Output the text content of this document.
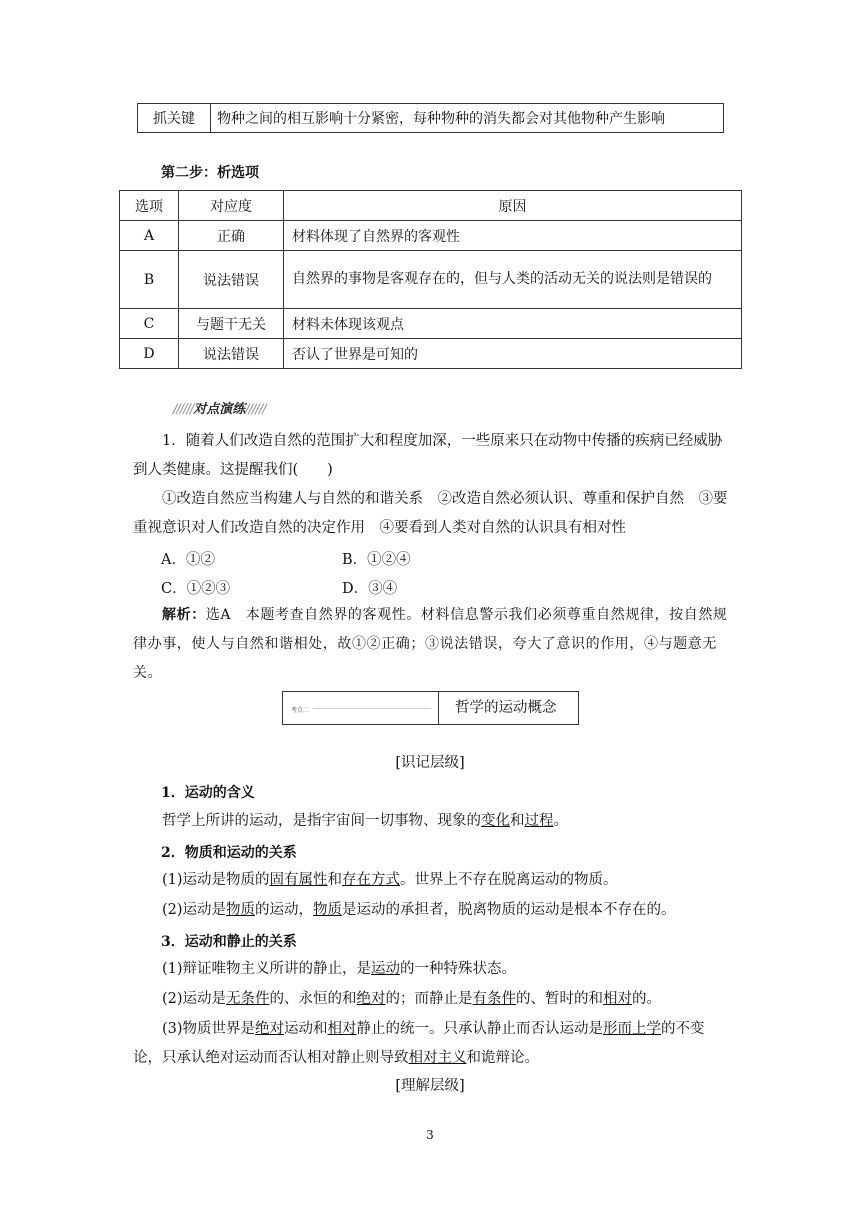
抓关键	物种之间的相互影响十分紧密，每种物种的消失都会对其他物种产生影响
第二步：析选项
选项	对应度	原因
A	正确	材料体现了自然界的客观性
B	说法错误	自然界的事物是客观存在的，但与人类的活动无关的说法则是错误的
C	与题干无关	材料未体现该观点
D	说法错误	否认了世界是可知的
//////对点演练//////
1．随着人们改造自然的范围扩大和程度加深，一些原来只在动物中传播的疾病已经威胁到人类健康。这提醒我们(　　)
①改造自然应当构建人与自然的和谐关系　②改造自然必须认识、尊重和保护自然　③要重视意识对人们改造自然的决定作用　④要看到人类对自然的认识具有相对性
A．①②	B．①②④
C．①②③	D．③④
解析：选A　本题考查自然界的客观性。材料信息警示我们必须尊重自然规律，按自然规律办事，使人与自然和谐相处，故①②正确；③说法错误，夸大了意识的作用，④与题意无关。
考点二	哲学的运动概念
[识记层级]
1．运动的含义
哲学上所讲的运动，是指宇宙间一切事物、现象的变化和过程。
2．物质和运动的关系
(1)运动是物质的固有属性和存在方式。世界上不存在脱离运动的物质。
(2)运动是物质的运动，物质是运动的承担者，脱离物质的运动是根本不存在的。
3．运动和静止的关系
(1)辩证唯物主义所讲的静止，是运动的一种特殊状态。
(2)运动是无条件的、永恒的和绝对的；而静止是有条件的、暂时的和相对的。
(3)物质世界是绝对运动和相对静止的统一。只承认静止而否认运动是形而上学的不变论，只承认绝对运动而否认相对静止则导致相对主义和诡辩论。
[理解层级]
3
